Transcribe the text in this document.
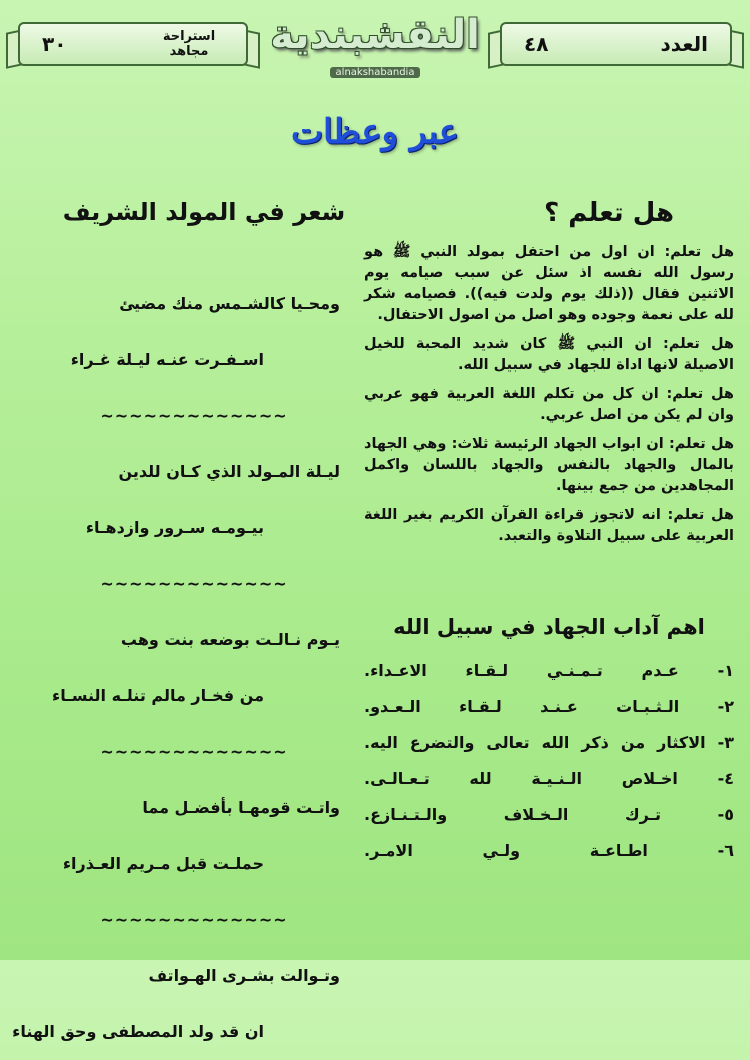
استراحة
مجاهد
٣٠	النقشبندية
alnakshabandia
العدد
٤٨
عبر وعظات
هل تعلم ؟

هل تعلم: ان اول من احتفل بمولد النبي ﷺ هو رسول الله نفسه اذ سئل عن سبب صيامه يوم الاثنين فقال ((ذلك يوم ولدت فيه)). فصيامه شكر لله على نعمة وجوده وهو اصل من اصول الاحتفال.

هل تعلم: ان النبي ﷺ كان شديد المحبة للخيل الاصيلة لانها اداة للجهاد في سبيل الله.

هل تعلم: ان كل من تكلم اللغة العربية فهو عربي وان لم يكن من اصل عربي.

هل تعلم: ان ابواب الجهاد الرئيسة ثلاث: وهي الجهاد بالمال والجهاد بالنفس والجهاد باللسان واكمل المجاهدين من جمع بينها.

هل تعلم: انه لاتجوز قراءة القرآن الكريم بغير اللغة العربية على سبيل التلاوة والتعبد.

اهم آداب الجهاد في سبيل الله
١- عـدم تـمـنـي لـقـاء الاعـداء.
٢- الـثـبـات عـنـد لـقـاء الـعـدو.
٣- الاكثار من ذكر الله تعالى والتضرع اليه.
٤- اخـلاص الـنـيـة لله تـعـالـى.
٥- تـرك الـخـلاف والـتـنـازع.
٦- اطـاعـة ولـي الامـر.
شعر في المولد الشريف
ومحـيا كالشـمس منك مضيئ
اسـفـرت عنـه ليـلة غـراء
~~~~~~~~~~~~~
ليـلة المـولد الذي كـان للدين
بيـومـه سـرور وازدهـاء
~~~~~~~~~~~~~
يـوم نـالـت بوضعه بنت وهب
من فخـار مالم تنلـه النسـاء
~~~~~~~~~~~~~
واتـت قومهـا بأفضـل مما
حملـت قبل مـريم العـذراء
~~~~~~~~~~~~~
وتـوالت بشـرى الهـواتف
ان قد ولد المصطفى وحق الهناء
